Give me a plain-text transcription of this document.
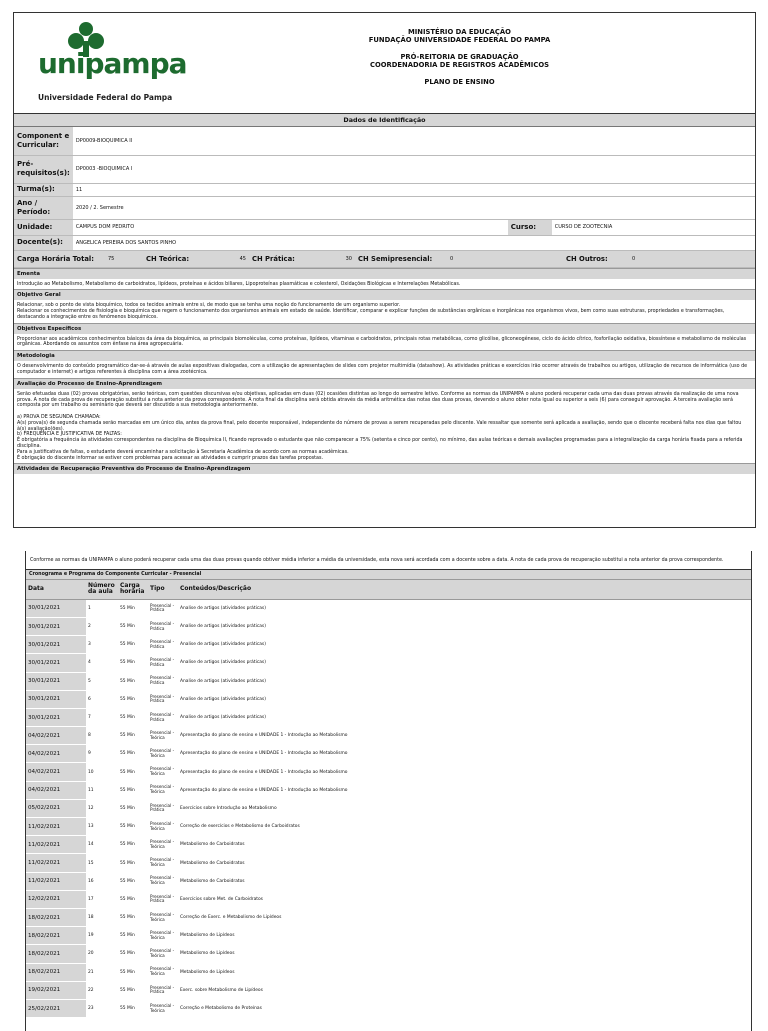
unipampa
Universidade Federal do Pampa
MINISTÉRIO DA EDUCAÇÃO
FUNDAÇÃO UNIVERSIDADE FEDERAL DO PAMPA
PRÓ-REITORIA DE GRADUAÇÃO
COORDENADORIA DE REGISTROS ACADÊMICOS
PLANO DE ENSINO
Dados de Identificação
Component e Curricular:	DP0009-BIOQUIMICA II		
Pré-requisitos(s):	DP0003 -BIOQUIMICA I		
Turma(s):	11		
Ano / Período:	2020 / 2. Semestre		
Unidade:	CAMPUS DOM PEDRITO	Curso:	CURSO DE ZOOTECNIA
Docente(s):	ANGELICA PEREIRA DOS SANTOS PINHO		
Carga Horária Total:	75	CH Teórica:	45	CH Prática:	30	CH Semipresencial:	0	CH Outros:	0
Ementa
Introdução ao Metabolismo, Metabolismo de carboidratos, lipídeos, proteínas e ácidos biliares, Lipoproteínas plasmáticas e colesterol, Oxidações Biológicas e Interrelações Metabólicas.
Objetivo Geral
Relacionar, sob o ponto de vista bioquímico, todos os tecidos animais entre si, de modo que se tenha uma noção do funcionamento de um organismo superior.
Relacionar os conhecimentos de fisiologia e bioquímica que regem o funcionamento dos organismos animais em estado de saúde. Identificar, comparar e explicar funções de substâncias orgânicas e inorgânicas nos organismos vivos, bem como suas estruturas, propriedades e transformações, destacando a integração entre os fenômenos bioquímicos.
Objetivos Específicos
Proporcionar aos acadêmicos conhecimentos básicos da área da bioquímica, as principais biomoléculas, como proteínas, lipídeos, vitaminas e carboidratos, principais rotas metabólicas, como glicólise, gliconeogênese, ciclo do ácido cítrico, fosforilação oxidativa, biossíntese e metabolismo de moléculas orgânicas. Abordando os assuntos com ênfase na área agropecuária.
Metodologia
O desenvolvimento do conteúdo programático dar-se-á através de aulas expositivas dialogadas, com a utilização de apresentações de slides com projetor multimídia (datashow). As atividades práticas e exercícios irão ocorrer através de trabalhos ou artigos, utilização de recursos de informática (uso de computador e internet) e artigos referentes à disciplina com a área zootécnica.
Avaliação do Processo de Ensino-Aprendizagem
Serão efetuadas duas (02) provas obrigatórias, serão teóricas, com questões discursivas e/ou objetivas, aplicadas em duas (02) ocasiões distintas ao longo do semestre letivo. Conforme as normas da UNIPAMPA o aluno poderá recuperar cada uma das duas provas através da realização de uma nova prova. A nota de cada prova de recuperação substitui a nota anterior da prova correspondente. A nota final da disciplina será obtida através da média aritmética das notas das duas provas, devendo o aluno obter nota igual ou superior a seis (6) para conseguir aprovação. A terceira avaliação será composta por um trabalho ou seminário que deverá ser discutido a sua metodologia anteriormente.

a) PROVA DE SEGUNDA CHAMADA:
A(s) prova(s) de segunda chamada serão marcadas em um único dia, antes da prova final, pelo docente responsável, independente do número de provas a serem recuperadas pelo discente. Vale ressaltar que somente será aplicada a avaliação, sendo que o discente receberá falta nos dias que faltou à(s) avaliação(ões).
b) FREQUÊNCIA E JUSTIFICATIVA DE FALTAS:
É obrigatória a frequência às atividades correspondentes na disciplina de Bioquímica II, ficando reprovado o estudante que não comparecer a 75% (setenta e cinco por cento), no mínimo, das aulas teóricas e demais avaliações programadas para a integralização da carga horária fixada para a referida disciplina.
Para a justificativa de faltas, o estudante deverá encaminhar a solicitação à Secretaria Acadêmica de acordo com as normas acadêmicas.
É obrigação do discente informar se estiver com problemas para acessar as atividades e cumprir prazos das tarefas propostas.
Atividades de Recuperação Preventiva do Processo de Ensino-Aprendizagem
Conforme as normas da UNIPAMPA o aluno poderá recuperar cada uma das duas provas quando obtiver média inferior a média da universidade, esta nova será acordada com a docente sobre a data. A nota de cada prova de recuperação substitui a nota anterior da prova correspondente.
Cronograma e Programa do Componente Curricular - Presencial
Data	Número da aula	Carga horária	Tipo	Conteúdos/Descrição
30/01/2021	1	55 Min	Presencial - Prática	Analise de artigos (atividades práticas)
30/01/2021	2	55 Min	Presencial - Prática	Analise de artigos (atividades práticas)
30/01/2021	3	55 Min	Presencial - Prática	Analise de artigos (atividades práticas)
30/01/2021	4	55 Min	Presencial - Prática	Analise de artigos (atividades práticas)
30/01/2021	5	55 Min	Presencial - Prática	Analise de artigos (atividades práticas)
30/01/2021	6	55 Min	Presencial - Prática	Analise de artigos (atividades práticas)
30/01/2021	7	55 Min	Presencial - Prática	Analise de artigos (atividades práticas)
04/02/2021	8	55 Min	Presencial - Teórica	Apresentação do plano de ensino e UNIDADE 1 - Introdução ao Metabolismo
04/02/2021	9	55 Min	Presencial - Teórica	Apresentação do plano de ensino e UNIDADE 1 - Introdução ao Metabolismo
04/02/2021	10	55 Min	Presencial - Teórica	Apresentação do plano de ensino e UNIDADE 1 - Introdução ao Metabolismo
04/02/2021	11	55 Min	Presencial - Teórica	Apresentação do plano de ensino e UNIDADE 1 - Introdução ao Metabolismo
05/02/2021	12	55 Min	Presencial - Prática	Exercícios sobre Introdução ao Metabolismo
11/02/2021	13	55 Min	Presencial - Teórica	Correção de exercícios e Metabolismo de Carboidratos
11/02/2021	14	55 Min	Presencial - Teórica	Metabolismo de Carboidratos
11/02/2021	15	55 Min	Presencial - Teórica	Metabolismo de Carboidratos
11/02/2021	16	55 Min	Presencial - Teórica	Metabolismo de Carboidratos
12/02/2021	17	55 Min	Presencial - Prática	Exercícios sobre Met. de Carboidratos
18/02/2021	18	55 Min	Presencial - Teórica	Correção de Exerc. e Metabolismo de Lipídeos
18/02/2021	19	55 Min	Presencial - Teórica	Metabolismo de Lipídeos
18/02/2021	20	55 Min	Presencial - Teórica	Metabolismo de Lipídeos
18/02/2021	21	55 Min	Presencial - Teórica	Metabolismo de Lipídeos
19/02/2021	22	55 Min	Presencial - Prática	Exerc. sobre Metabolismo de Lipídeos
25/02/2021	23	55 Min	Presencial - Teórica	Correção e Metabolismo de Proteínas
